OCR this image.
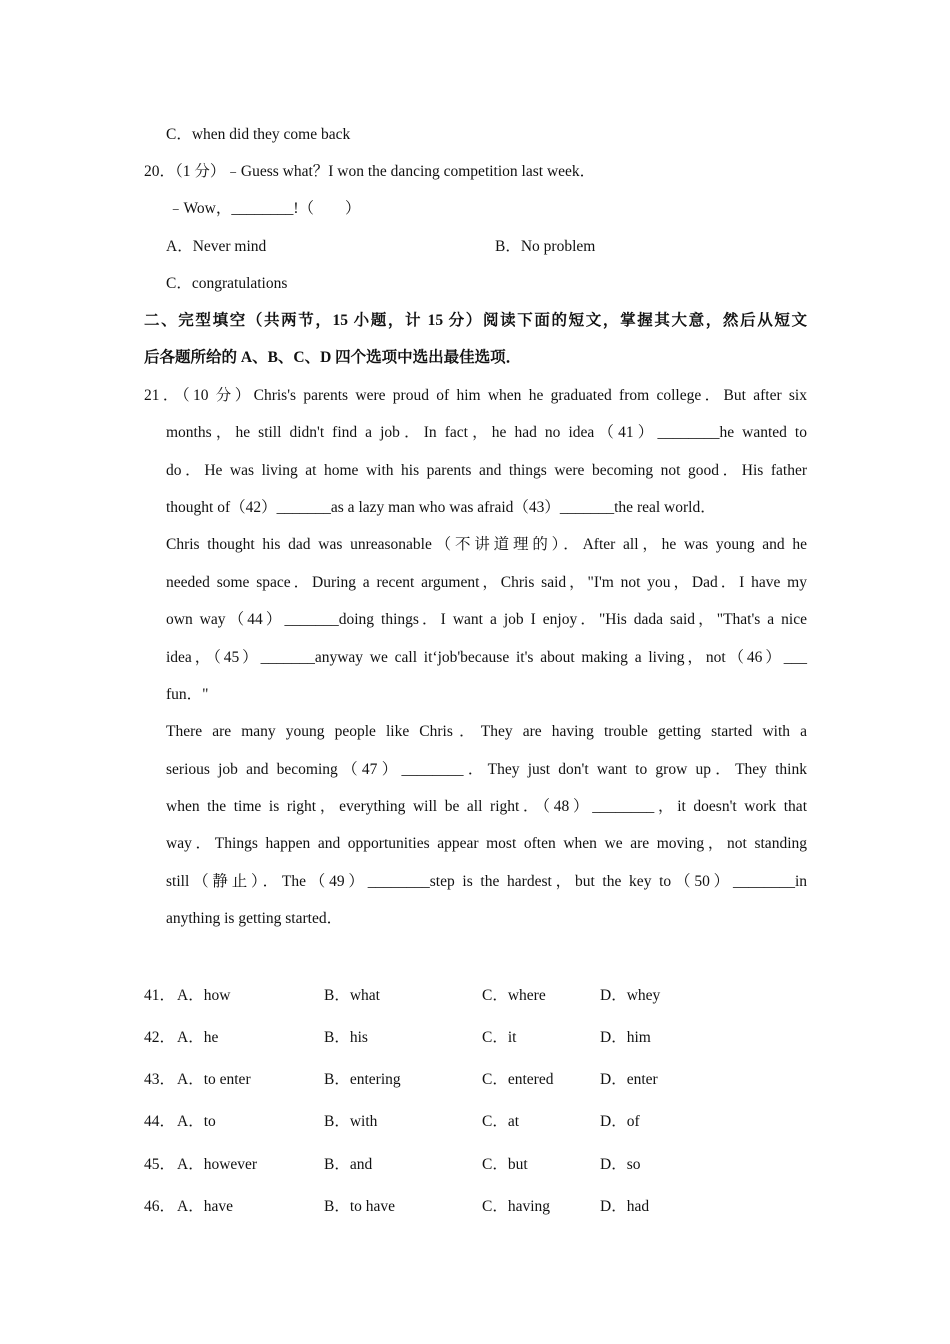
C．when did they come back
20．（1 分）﹣Guess what？I won the dancing competition last week．
﹣Wow，________!（　　）
A．Never mind	B．No problem
C．congratulations
二、完型填空（共两节，15 小题，计 15 分）阅读下面的短文，掌握其大意，然后从短文
后各题所给的 A、B、C、D 四个选项中选出最佳选项．
21．（10 分）Chris's parents were proud of him when he graduated from college．But after six
months，he still didn't find a job．In fact，he had no idea（41）________he wanted to
do．He was living at home with his parents and things were becoming not good．His father
thought of（42）_______as a lazy man who was afraid（43）_______the real world．
Chris thought his dad was unreasonable（不讲道理的）．After all，he was young and he
needed some space．During a recent argument，Chris said，"I'm not you，Dad．I have my
own way（44）_______doing things．I want a job I enjoy．"His dada said，"That's a nice
idea，（45）_______anyway we call it‘job'because it's about making a living，not（46）___
fun．"
There are many young people like Chris．They are having trouble getting started with a
serious job and becoming（47）________．They just don't want to grow up．They think
when the time is right，everything will be all right．（48）________，it doesn't work that
way．Things happen and opportunities appear most often when we are moving，not standing
still（静止）．The（49）________step is the hardest，but the key to（50）________in
anything is getting started．
41． A．how	B．what	C．where	D．whey
42． A．he	B．his	C．it	D．him
43． A．to enter	B．entering	C．entered	D．enter
44． A．to	B．with	C．at	D．of
45． A．however	B．and	C．but	D．so
46． A．have	B．to have	C．having	D．had
